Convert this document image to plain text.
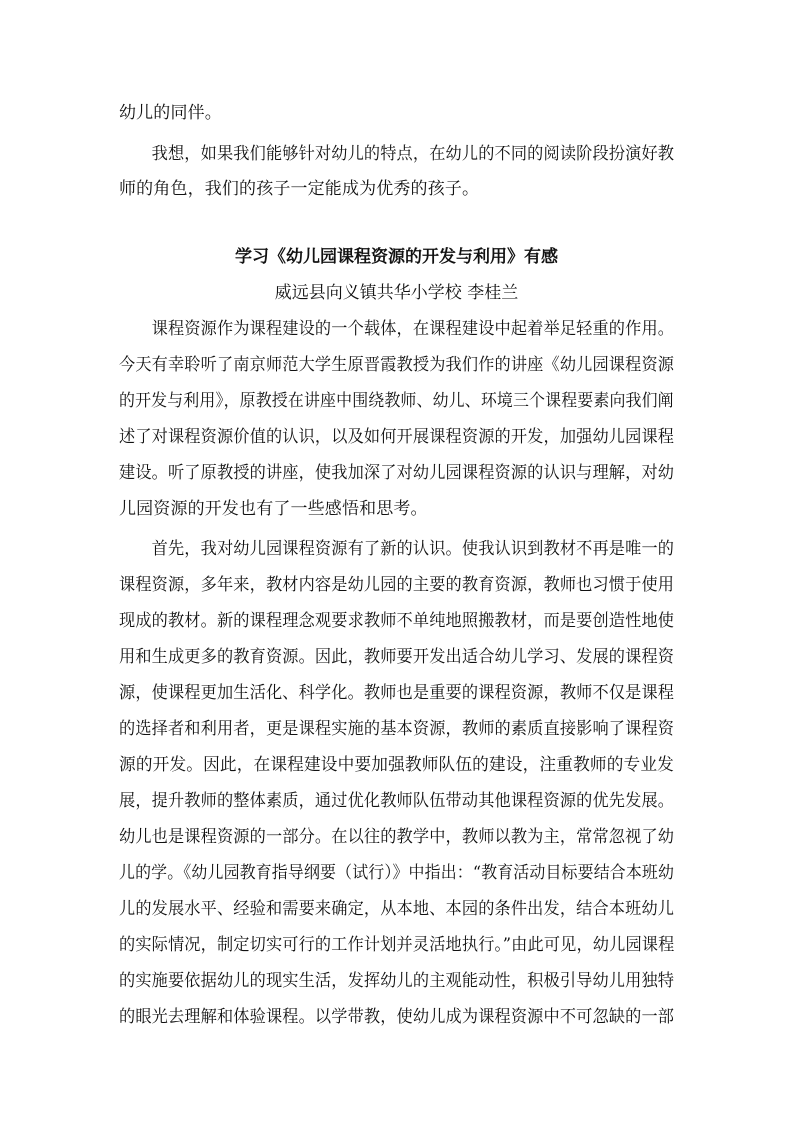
幼儿的同伴。
　　我想，如果我们能够针对幼儿的特点，在幼儿的不同的阅读阶段扮演好教
师的角色，我们的孩子一定能成为优秀的孩子。
学习《幼儿园课程资源的开发与利用》有感
威远县向义镇共华小学校 李桂兰
　　课程资源作为课程建设的一个载体，在课程建设中起着举足轻重的作用。
今天有幸聆听了南京师范大学生原晋霞教授为我们作的讲座《幼儿园课程资源
的开发与利用》，原教授在讲座中围绕教师、幼儿、环境三个课程要素向我们阐
述了对课程资源价值的认识，以及如何开展课程资源的开发，加强幼儿园课程
建设。听了原教授的讲座，使我加深了对幼儿园课程资源的认识与理解，对幼
儿园资源的开发也有了一些感悟和思考。
　　首先，我对幼儿园课程资源有了新的认识。使我认识到教材不再是唯一的
课程资源，多年来，教材内容是幼儿园的主要的教育资源，教师也习惯于使用
现成的教材。新的课程理念观要求教师不单纯地照搬教材，而是要创造性地使
用和生成更多的教育资源。因此，教师要开发出适合幼儿学习、发展的课程资
源，使课程更加生活化、科学化。教师也是重要的课程资源，教师不仅是课程
的选择者和利用者，更是课程实施的基本资源，教师的素质直接影响了课程资
源的开发。因此，在课程建设中要加强教师队伍的建设，注重教师的专业发
展，提升教师的整体素质，通过优化教师队伍带动其他课程资源的优先发展。
幼儿也是课程资源的一部分。在以往的教学中，教师以教为主，常常忽视了幼
儿的学。《幼儿园教育指导纲要（试行）》中指出：“教育活动目标要结合本班幼
儿的发展水平、经验和需要来确定，从本地、本园的条件出发，结合本班幼儿
的实际情况，制定切实可行的工作计划并灵活地执行。”由此可见，幼儿园课程
的实施要依据幼儿的现实生活，发挥幼儿的主观能动性，积极引导幼儿用独特
的眼光去理解和体验课程。以学带教，使幼儿成为课程资源中不可忽缺的一部
